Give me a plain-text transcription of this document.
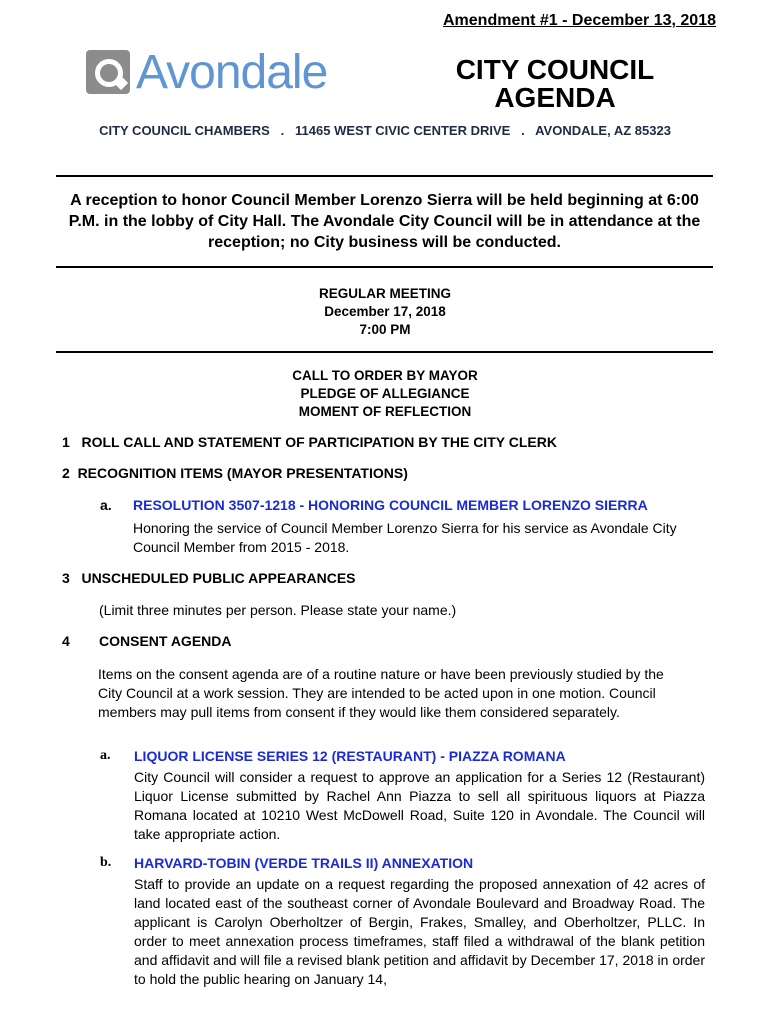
Amendment #1 - December 13, 2018
Avondale	CITY COUNCIL
AGENDA
CITY COUNCIL CHAMBERS   .   11465 WEST CIVIC CENTER DRIVE   .   AVONDALE, AZ 85323
A reception to honor Council Member Lorenzo Sierra will be held beginning at 6:00 P.M. in the lobby of City Hall. The Avondale City Council will be in attendance at the reception; no City business will be conducted.
REGULAR MEETING
December 17, 2018
7:00 PM
CALL TO ORDER BY MAYOR
PLEDGE OF ALLEGIANCE
MOMENT OF REFLECTION
1   ROLL CALL AND STATEMENT OF PARTICIPATION BY THE CITY CLERK
2  RECOGNITION ITEMS (MAYOR PRESENTATIONS)
a. RESOLUTION 3507-1218 - HONORING COUNCIL MEMBER LORENZO SIERRA
Honoring the service of Council Member Lorenzo Sierra for his service as Avondale City Council Member from 2015 - 2018.
3   UNSCHEDULED PUBLIC APPEARANCES
(Limit three minutes per person. Please state your name.)
4 CONSENT AGENDA
Items on the consent agenda are of a routine nature or have been previously studied by the City Council at a work session. They are intended to be acted upon in one motion. Council members may pull items from consent if they would like them considered separately.
a. LIQUOR LICENSE SERIES 12 (RESTAURANT) - PIAZZA ROMANA
City Council will consider a request to approve an application for a Series 12 (Restaurant) Liquor License submitted by Rachel Ann Piazza to sell all spirituous liquors at Piazza Romana located at 10210 West McDowell Road, Suite 120 in Avondale. The Council will take appropriate action.
b. HARVARD-TOBIN (VERDE TRAILS II) ANNEXATION
Staff to provide an update on a request regarding the proposed annexation of 42 acres of land located east of the southeast corner of Avondale Boulevard and Broadway Road. The applicant is Carolyn Oberholtzer of Bergin, Frakes, Smalley, and Oberholtzer, PLLC. In order to meet annexation process timeframes, staff filed a withdrawal of the blank petition and affidavit and will file a revised blank petition and affidavit by December 17, 2018 in order to hold the public hearing on January 14,
